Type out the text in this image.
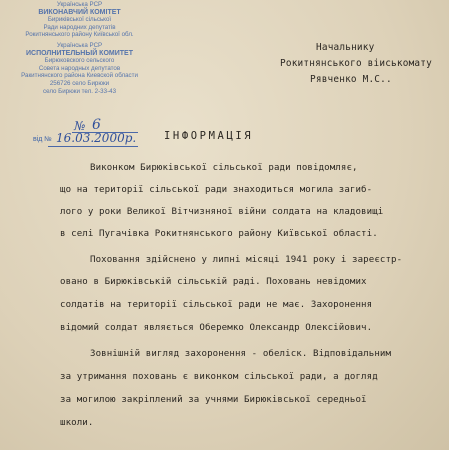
Українська РСР
ВИКОНАВЧИЙ КОМІТЕТ
Бириківської сільської
Ради народних депутатів
Рокитнянського району Київської обл.
Українська РСР
ИСПОЛНИТЕЛЬНЫЙ КОМИТЕТ
Бирюковского сельского
Совета народных депутатов
Ракитнянского района Киевской области
256726 село Бирюки
село Бирюки тел. 2-33-43
№ 6
від № 16.03.2000р.
Начальнику
Рокитнянського віиськомату
Рявченко М.С..
ІНФОРМАЦІЯ
Виконком Бирюківської сільської ради повідомляє,
що на території сільської ради знаходиться могила загиб-
лого у роки Великої Вітчизняної війни солдата на кладовищі
в селі Пугачівка Рокитнянського району Київської області.
Поховання здійснено у липні місяці 1941 року і зареєстр-
овано в Бирюківській сільській раді. Поховань невідомих
солдатів на території сільської ради не має. Захоронення
відомий солдат являється Оберемко Олександр Олексійович.
Зовнішній вигляд захоронення - обеліск. Відповідальним
за утримання поховань є виконком сільської ради, а догляд
за могилою закріплений за учнями Бирюківської середньої
школи.
